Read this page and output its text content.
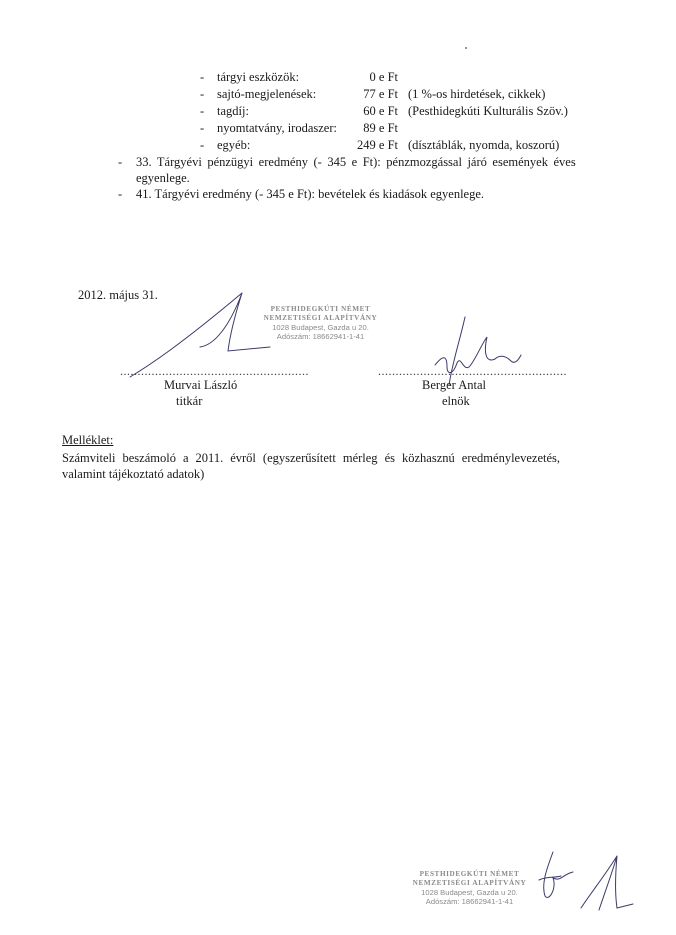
- tárgyi eszközök:	0 e Ft
- sajtó-megjelenések:	77 e Ft (1 %-os hirdetések, cikkek)
- tagdíj:	60 e Ft (Pesthidegkúti Kulturális Szöv.)
- nyomtatvány, irodaszer:	89 e Ft
- egyéb:	249 e Ft (dísztáblák, nyomda, koszorú)
- 33. Tárgyévi pénzügyi eredmény (- 345 e Ft): pénzmozgással járó események éves
egyenlege.
- 41. Tárgyévi eredmény (- 345 e Ft): bevételek és kiadások egyenlege.
2012. május 31.
PESTHIDEGKÚTI NÉMET
NEMZETISÉGI ALAPÍTVÁNY
1028 Budapest, Gazda u 20.
Adószám: 18662941-1-41
......................................................
Murvai László
titkár
......................................................
Berger Antal
elnök
Melléklet:
Számviteli beszámoló a 2011. évről (egyszerűsített mérleg és közhasznú eredménylevezetés,
valamint tájékoztató adatok)
PESTHIDEGKÚTI NÉMET
NEMZETISÉGI ALAPÍTVÁNY
1028 Budapest, Gazda u 20.
Adószám: 18662941-1-41
